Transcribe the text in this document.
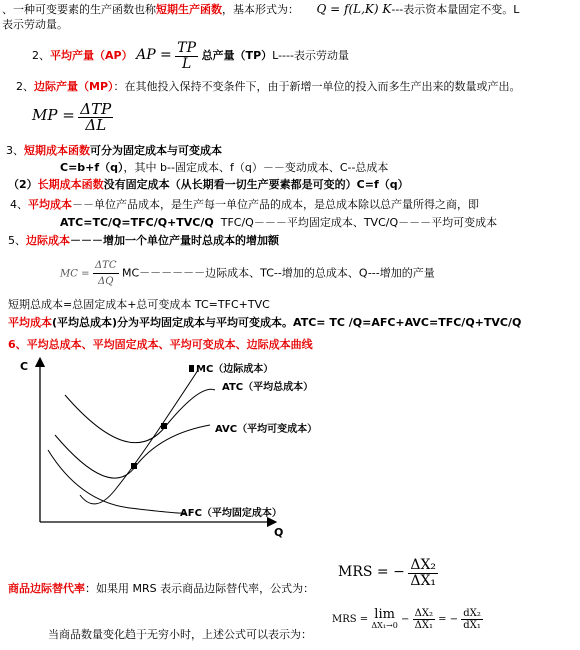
、一种可变要素的生产函数也称短期生产函数，基本形式为： Q = f(L,K) K---表示资本量固定不变。L
表示劳动量。
2、平均产量（AP） AP = $\frac{TP}{L}$ 总产量（TP）L----表示劳动量
2、边际产量（MP）：在其他投入保持不变条件下，由于新增一单位的投入而多生产出来的数量或产出。
MP = $\frac{\text{ΔTP}}{\Delta L}$
3、短期成本函数可分为固定成本与可变成本
C=b+f（q），其中 b--固定成本、f（q）－－变动成本、C--总成本
（2）长期成本函数没有固定成本（从长期看一切生产要素都是可变的）C=f（q）
4、平均成本－－单位产品成本，是生产每一单位产品的成本，是总成本除以总产量所得之商，即
ATC=TC/Q=TFC/Q+TVC/Q TFC/Q－－－平均固定成本、TVC/Q－－－平均可变成本
5、边际成本－－－增加一个单位产量时总成本的增加额
MC = $\frac{\text{ΔTC}}{\Delta Q} MC------$边际成本、TC--增加的总成本、Q---增加的产量
短期总成本=总固定成本+总可变成本 TC=TFC+TVC
平均成本(平均总成本)分为平均固定成本与平均可变成本。ATC= TC /Q=AFC+AVC=TFC/Q+TVC/Q
6、平均总成本、平均固定成本、平均可变成本、边际成本曲线
C
Q
MC（边际成本）
ATC（平均总成本）
AVC（平均可变成本）
AFC（平均固定成本）
MRS = − $\frac{\text{ΔX₂}}{\text{ΔX₁}}$
商品边际替代率：如果用 MRS 表示商品边际替代率，公式为：
MRS = lim
$\Delta X_1\to 0 - \frac{\text{ΔX₂}}{\text{ΔX₁}}$ = − $\frac{\text{dX₂}}{\text{dX₁}}$
当商品数量变化趋于无穷小时，上述公式可以表示为：
